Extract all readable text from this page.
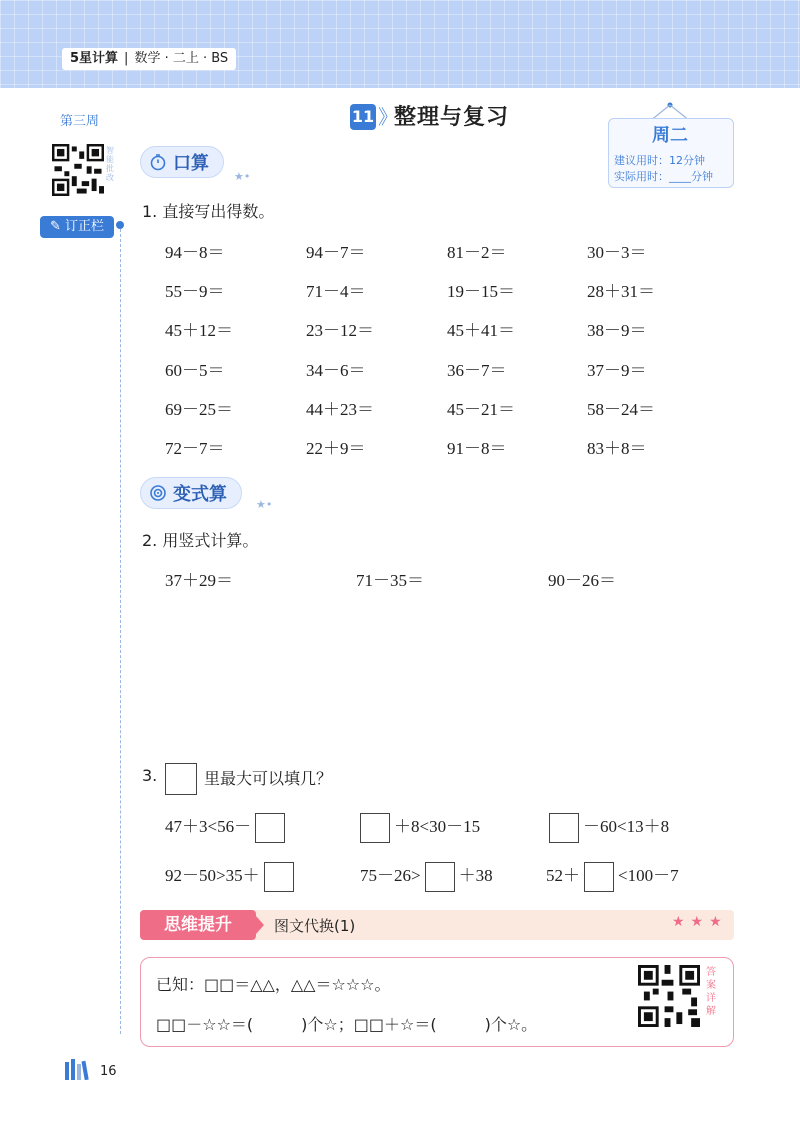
5星计算 | 数学 · 二上 · BS
第三周
智能批改
✎ 订正栏
11 》
整理与复习
周二
建议用时：12分钟
实际用时：____分钟
口算
★•
1. 直接写出得数。
94－8＝	94－7＝	81－2＝	30－3＝
55－9＝	71－4＝	19－15＝	28＋31＝
45＋12＝	23－12＝	45＋41＝	38－9＝
60－5＝	34－6＝	36－7＝	37－9＝
69－25＝	44＋23＝	45－21＝	58－24＝
72－7＝	22＋9＝	91－8＝	83＋8＝
变式算	★•
2. 用竖式计算。
37＋29＝	71－35＝	90－26＝
3.	里最大可以填几？
47＋3<56－	＋8<30－15	－60<13＋8
92－50>35＋	75－26> ＋38	52＋ <100－7
思维提升	图文代换(1)	★★★
已知：□□＝△△，△△＝☆☆☆。
□□－☆☆＝(　　　)个☆；□□＋☆＝(　　　)个☆。
答案详解
16
